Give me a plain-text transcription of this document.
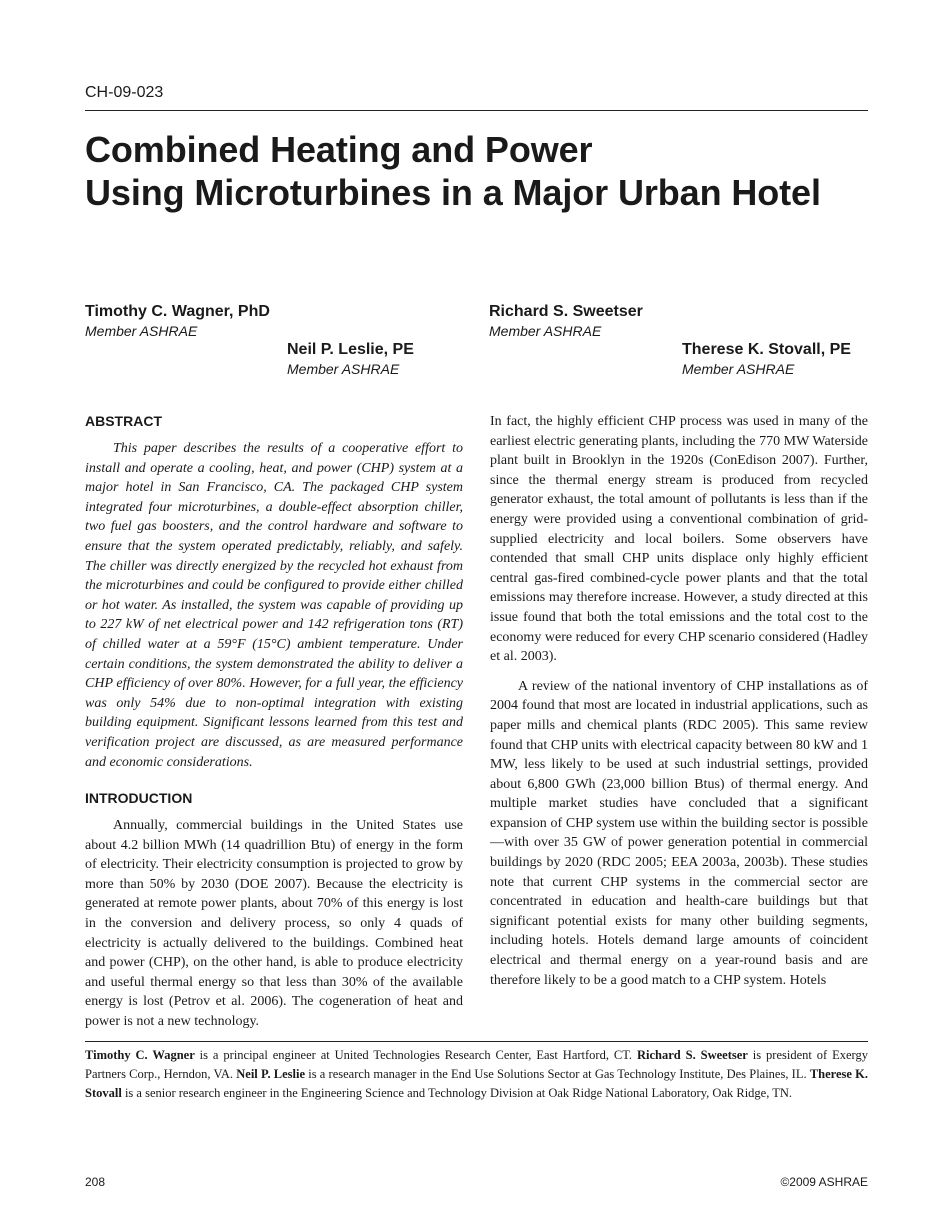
CH-09-023
Combined Heating and Power
Using Microturbines in a Major Urban Hotel
Timothy C. Wagner, PhD
Member ASHRAE
Richard S. Sweetser
Member ASHRAE
Neil P. Leslie, PE
Member ASHRAE
Therese K. Stovall, PE
Member ASHRAE
ABSTRACT

This paper describes the results of a cooperative effort to install and operate a cooling, heat, and power (CHP) system at a major hotel in San Francisco, CA. The packaged CHP system integrated four microturbines, a double-effect absorption chiller, two fuel gas boosters, and the control hardware and software to ensure that the system operated predictably, reliably, and safely. The chiller was directly energized by the recycled hot exhaust from the microturbines and could be configured to provide either chilled or hot water. As installed, the system was capable of providing up to 227 kW of net electrical power and 142 refrigeration tons (RT) of chilled water at a 59°F (15°C) ambient temperature. Under certain conditions, the system demonstrated the ability to deliver a CHP efficiency of over 80%. However, for a full year, the efficiency was only 54% due to non-optimal integration with existing building equipment. Significant lessons learned from this test and verification project are discussed, as are measured performance and economic considerations.

INTRODUCTION

Annually, commercial buildings in the United States use about 4.2 billion MWh (14 quadrillion Btu) of energy in the form of electricity. Their electricity consumption is projected to grow by more than 50% by 2030 (DOE 2007). Because the electricity is generated at remote power plants, about 70% of this energy is lost in the conversion and delivery process, so only 4 quads of electricity is actually delivered to the buildings. Combined heat and power (CHP), on the other hand, is able to produce electricity and useful thermal energy so that less than 30% of the available energy is lost (Petrov et al. 2006). The cogeneration of heat and power is not a new technology.

In fact, the highly efficient CHP process was used in many of the earliest electric generating plants, including the 770 MW Waterside plant built in Brooklyn in the 1920s (ConEdison 2007). Further, since the thermal energy stream is produced from recycled generator exhaust, the total amount of pollutants is less than if the energy were provided using a conventional combination of grid-supplied electricity and local boilers. Some observers have contended that small CHP units displace only highly efficient central gas-fired combined-cycle power plants and that the total emissions may therefore increase. However, a study directed at this issue found that both the total emissions and the total cost to the economy were reduced for every CHP scenario considered (Hadley et al. 2003).

A review of the national inventory of CHP installations as of 2004 found that most are located in industrial applications, such as paper mills and chemical plants (RDC 2005). This same review found that CHP units with electrical capacity between 80 kW and 1 MW, less likely to be used at such industrial settings, provided about 6,800 GWh (23,000 billion Btus) of thermal energy. And multiple market studies have concluded that a significant expansion of CHP system use within the building sector is possible—with over 35 GW of power generation potential in commercial buildings by 2020 (RDC 2005; EEA 2003a, 2003b). These studies note that current CHP systems in the commercial sector are concentrated in education and health-care buildings but that significant potential exists for many other building segments, including hotels. Hotels demand large amounts of coincident electrical and thermal energy on a year-round basis and are therefore likely to be a good match to a CHP system. Hotels

Timothy C. Wagner is a principal engineer at United Technologies Research Center, East Hartford, CT. Richard S. Sweetser is president of Exergy Partners Corp., Herndon, VA. Neil P. Leslie is a research manager in the End Use Solutions Sector at Gas Technology Institute, Des Plaines, IL. Therese K. Stovall is a senior research engineer in the Engineering Science and Technology Division at Oak Ridge National Laboratory, Oak Ridge, TN.

208	©2009 ASHRAE
